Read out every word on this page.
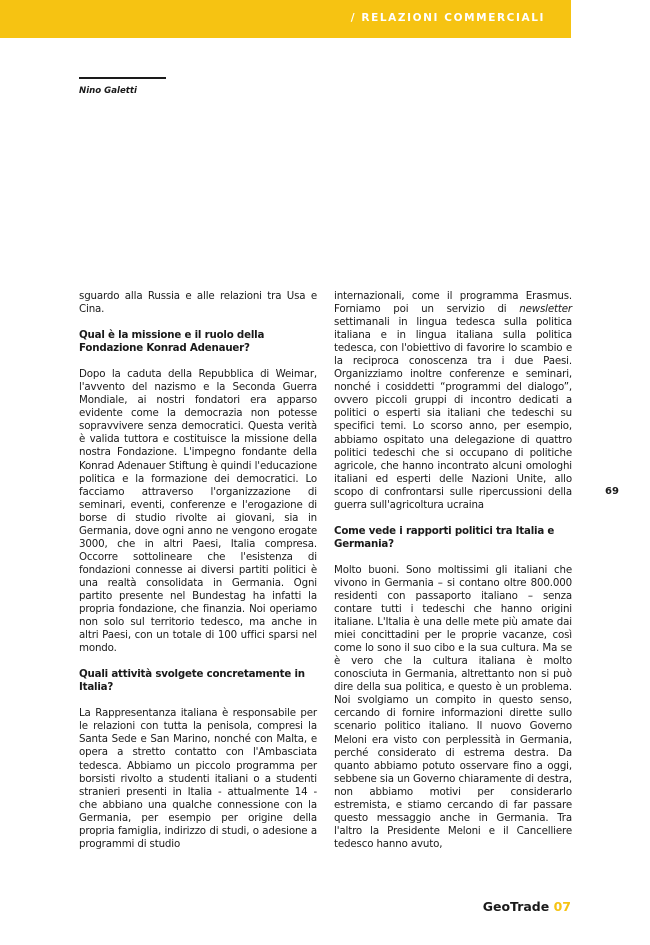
/ RELAZIONI COMMERCIALI
Nino Galetti

sguardo alla Russia e alle relazioni tra Usa e Cina.

Qual è la missione e il ruolo della Fondazione Konrad Adenauer?

Dopo la caduta della Repubblica di Weimar, l'avvento del nazismo e la Seconda Guerra Mondiale, ai nostri fondatori era apparso evidente come la democrazia non potesse sopravvivere senza democratici. Questa verità è valida tuttora e costituisce la missione della nostra Fondazione. L'impegno fondante della Konrad Adenauer Stiftung è quindi l'educazione politica e la formazione dei democratici. Lo facciamo attraverso l'organizzazione di seminari, eventi, conferenze e l'erogazione di borse di studio rivolte ai giovani, sia in Germania, dove ogni anno ne vengono erogate 3000, che in altri Paesi, Italia compresa. Occorre sottolineare che l'esistenza di fondazioni connesse ai diversi partiti politici è una realtà consolidata in Germania. Ogni partito presente nel Bundestag ha infatti la propria fondazione, che finanzia. Noi operiamo non solo sul territorio tedesco, ma anche in altri Paesi, con un totale di 100 uffici sparsi nel mondo.

Quali attività svolgete concretamente in Italia?

La Rappresentanza italiana è responsabile per le relazioni con tutta la penisola, compresi la Santa Sede e San Marino, nonché con Malta, e opera a stretto contatto con l'Ambasciata tedesca. Abbiamo un piccolo programma per borsisti rivolto a studenti italiani o a studenti stranieri presenti in Italia - attualmente 14 - che abbiano una qualche connessione con la Germania, per esempio per origine della propria famiglia, indirizzo di studi, o adesione a programmi di studio

internazionali, come il programma Erasmus. Forniamo poi un servizio di newsletter settimanali in lingua tedesca sulla politica italiana e in lingua italiana sulla politica tedesca, con l'obiettivo di favorire lo scambio e la reciproca conoscenza tra i due Paesi. Organizziamo inoltre conferenze e seminari, nonché i cosiddetti “programmi del dialogo”, ovvero piccoli gruppi di incontro dedicati a politici o esperti sia italiani che tedeschi su specifici temi. Lo scorso anno, per esempio, abbiamo ospitato una delegazione di quattro politici tedeschi che si occupano di politiche agricole, che hanno incontrato alcuni omologhi italiani ed esperti delle Nazioni Unite, allo scopo di confrontarsi sulle ripercussioni della guerra sull'agricoltura ucraina

Come vede i rapporti politici tra Italia e Germania?

Molto buoni. Sono moltissimi gli italiani che vivono in Germania – si contano oltre 800.000 residenti con passaporto italiano – senza contare tutti i tedeschi che hanno origini italiane. L'Italia è una delle mete più amate dai miei concittadini per le proprie vacanze, così come lo sono il suo cibo e la sua cultura. Ma se è vero che la cultura italiana è molto conosciuta in Germania, altrettanto non si può dire della sua politica, e questo è un problema. Noi svolgiamo un compito in questo senso, cercando di fornire informazioni dirette sullo scenario politico italiano. Il nuovo Governo Meloni era visto con perplessità in Germania, perché considerato di estrema destra. Da quanto abbiamo potuto osservare fino a oggi, sebbene sia un Governo chiaramente di destra, non abbiamo motivi per considerarlo estremista, e stiamo cercando di far passare questo messaggio anche in Germania. Tra l'altro la Presidente Meloni e il Cancelliere tedesco hanno avuto,

69
GeoTrade 07
